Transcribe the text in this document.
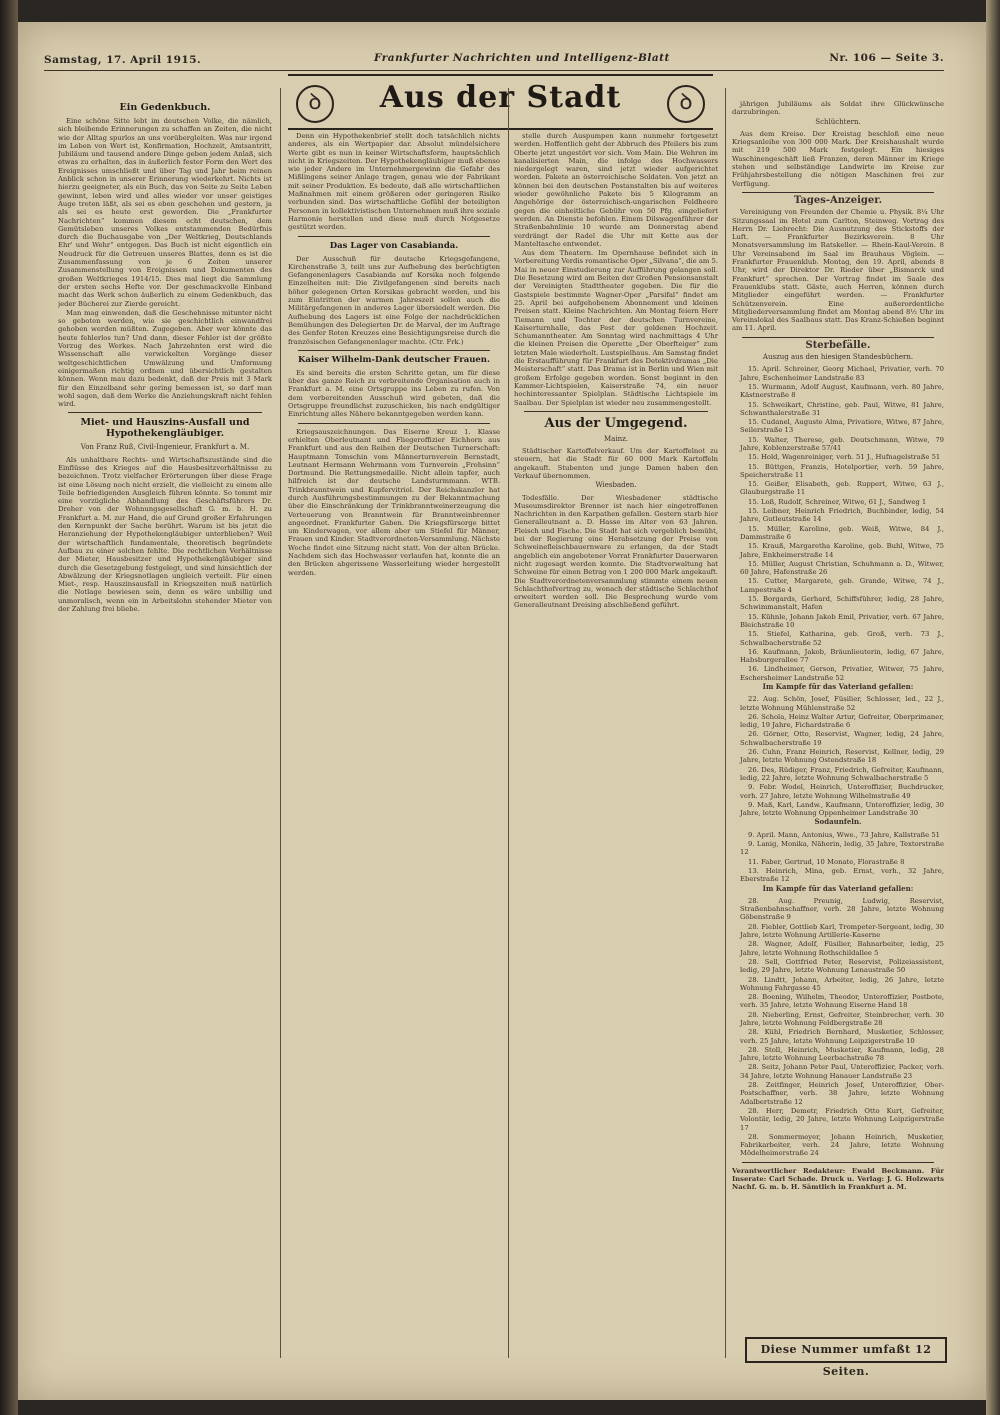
Samstag, 17. April 1915.	Frankfurter Nachrichten und Intelligenz-Blatt	Nr. 106 — Seite 3.
ꝺ	Aus der Stadt	ꝺ
Ein Gedenkbuch.

Eine schöne Sitte lebt im deutschen Volke, die nämlich, sich bleibende Erinnerungen zu schaffen an Zeiten, die nicht wie der Alltag spurlos an uns vorübergleiten. Was nur irgend im Leben von Wert ist, Konfirmation, Hochzeit, Amtsantritt, Jubiläum und tausend andere Dinge geben jedem Anlaß, sich etwas zu erhalten, das in äußerlich fester Form den Wert des Ereignisses umschließt und über Tag und Jahr beim reinen Anblick schon in unserer Erinnerung wiederkehrt. Nichts ist hierzu geeigneter, als ein Buch, das von Seite zu Seite Leben gewinnt, leben wird und alles wieder vor unser geistiges Auge treten läßt, als sei es eben geschehen und gestern, ja als sei es heute erst geworden. Die „Frankfurter Nachrichten“ kommen diesem echt deutschen, dem Gemütsleben unseres Volkes entstammenden Bedürfnis durch die Buchausgabe von „Der Weltkrieg, Deutschlands Ehr' und Wehr“ entgegen. Das Buch ist nicht eigentlich ein Neudruck für die Getreuen unseres Blattes, denn es ist die Zusammenfassung von je 6 Zeiten unserer Zusammenstellung von Ereignissen und Dokumenten des großen Weltkrieges 1914/15. Dies mal liegt die Sammlung der ersten sechs Hefte vor. Der geschmackvolle Einband macht das Werk schon äußerlich zu einem Gedenkbuch, das jeder Bücherei zur Zierde gereicht.

Man mag einwenden, daß die Geschehnisse mitunter nicht so geboten werden, wie sie geschichtlich einwandfrei gehoben werden müßten. Zugegeben. Aber wer könnte das heute fehlerlos tun? Und dann, dieser Fehler ist der größte Vorzug des Werkes. Nach Jahrzehnten erst wird die Wissenschaft alle verwickelten Vorgänge dieser weltgeschichtlichen Umwälzung und Umformung einigermaßen richtig ordnen und übersichtlich gestalten können. Wenn mau dazu bedenkt, daß der Preis mit 3 Mark für den Einzelband sehr gering bemessen ist, so darf man wohl sagen, daß dem Werke die Anziehungskraft nicht fehlen wird.

Miet- und Hauszins-Ausfall und Hypothekengläubiger.
Von Franz Ruß, Civil-Ingenieur, Frankfurt a. M.

Als unhaltbare Rechts- und Wirtschaftszustände sind die Einflüsse des Krieges auf die Hausbesitzverhältnisse zu bezeichnen. Trotz vielfacher Erörterungen über diese Frage ist eine Lösung noch nicht erzielt, die vielleicht zu einem alle Teile befriedigenden Ausgleich führen könnte. So tommt mir eine vorzügliche Abhandlung des Geschäftsführers Dr. Dreher von der Wohnungsgesellschaft G. m. b. H. zu Frankfurt a. M. zur Hand, die auf Grund großer Erfahrungen den Kernpunkt der Sache berührt. Warum ist bis jetzt die Heranziehung der Hypothekengläubiger unterblieben? Weil der wirtschaftlich fundamentale, theoretisch begründete Aufbau zu einer solchen fehlte. Die rechtlichen Verhältnisse der Mieter, Hausbesitzer und Hypothekengläubiger sind durch die Gesetzgebung festgelegt, und sind hinsichtlich der Abwälzung der Kriegsnotlagen ungleich verteilt. Für einen Miet-, resp. Hauszinsausfall in Kriegszeiten muß natürlich die Notlage bewiesen sein, denn es wäre unbillig und unmoralisch, wenn ein in Arbeitslohn stehender Mieter von der Zahlung frei bliebe.

Denn ein Hypothekenbrief stellt doch tatsächlich nichts anderes, als ein Wertpapier dar. Absolut mündelsichere Werte gibt es nun in keiner Wirtschaftsform, hauptsächlich nicht in Kriegszeiten. Der Hypothekengläubiger muß ebenso wie jeder Andere im Unternehmergewinn die Gefahr des Mißlingens seiner Anlage tragen, genau wie der Fabrikant mit seiner Produktion. Es bedeute, daß alle wirtschaftlichen Maßnahmen mit einem größeren oder geringeren Risiko verbunden sind. Das wirtschaftliche Gefühl der beteiligten Personen in kollektivistischen Unternehmen muß ihre soziale Harmonie herstellen und diese muß durch Notgesetze gestützt werden.

Das Lager von Casabianda.

Der Ausschuß für deutsche Kriegsgefangene, Kirchenstraße 3, teilt uns zur Aufhebung des berüchtigten Gefangenenlagers Casabianda auf Korsika noch folgende Einzelheiten mit: Die Zivilgefangenen sind bereits nach höher gelegenen Orten Korsikas gebracht worden, und bis zum Eintritten der warmen Jahreszeit sollen auch die Militärgefangenen in anderes Lager übersiedelt werden. Die Aufhebung des Lagers ist eine Folge der nachdrücklichen Bemühungen des Delegierten Dr. de Marval, der im Auftrage des Genfer Roten Kreuzes eine Besichtigungsreise durch die französischen Gefangenenlager machte. (Ctr. Frk.)

Kaiser Wilhelm-Dank deutscher Frauen.

Es sind bereits die ersten Schritte getan, um für diese über das ganze Reich zu verbreitende Organisation auch in Frankfurt a. M. eine Ortsgruppe ins Leben zu rufen. Von dem vorbereitenden Ausschuß wird gebeten, daß die Ortsgruppe freundlichst zuzuschicken, bis nach endgültiger Einrichtung alles Nähere bekanntgegeben werden kann.

Kriegsauszeichnungen. Das Eiserne Kreuz 1. Klasse erhielten Oberleutnant und Fliegeroffizier Eichhorn aus Frankfurt und aus den Reihen der Deutschen Turnerschaft: Hauptmann Tomschin vom Männerturnverein Bernstadt, Leutnant Hermann Wehrmann vom Turnverein „Frohsinn“ Dortmund. Die Rettungsmedaille. Nicht allein tapfer, auch hilfreich ist der deutsche Landsturmmann. WTB. Trinkbranntwein und Kupfervitriol. Der Reichskanzler hat durch Ausführungsbestimmungen zu der Bekanntmachung über die Einschränkung der Trinkbranntweinerzeugung die Verteuerung von Branntwein für Branntweinbrenner angeordnet. Frankfurter Gaben. Die Kriegsfürsorge bittet um Kinderwagen, vor allem aber um Stiefel für Männer, Frauen und Kinder. Stadtverordneten-Versammlung. Nächste Woche findet eine Sitzung nicht statt. Von der alten Brücke. Nachdem sich das Hochwasser verlaufen hat, konnte die an den Brücken abgerissene Wasserleitung wieder hergestellt werden.

stelle durch Auspumpen kann nunmehr fortgesetzt werden. Hoffentlich geht der Abbruch des Pfeilers bis zum Oberte jetzt ungestört vor sich. Vom Main. Die Wehren im kanalisierten Main, die infolge des Hochwassers niedergelegt waren, sind jetzt wieder aufgerichtet worden. Pakete an österreichische Soldaten. Von jetzt an können bei den deutschen Postanstalten bis auf weiteres wieder gewöhnliche Pakete bis 5 Kilogramm an Angehörige der österreichisch-ungarischen Feldheere gegen die einheitliche Gebühr von 50 Pfg. eingeliefert werden. An Dienste befohlen. Einem Dilswagenführer der Straßenbahnlinie 10 wurde am Donnerstag abend verdrängt der Radel die Uhr mit Kette aus der Manteltasche entwendet.

Aus dem Theatern. Im Opernhause befindet sich in Vorbereitung Verdis romantische Oper „Silvana“, die am 5. Mai in neuer Einstudierung zur Aufführung gelangen soll. Die Besetzung wird am Beiten der Großen Pensionsanstalt der Vereinigten Stadttheater gegeben. Die für die Gastspiele bestimmte Wagner-Oper „Parsifal“ findet am 25. April bei aufgehobenem Abonnement und kleinen Preisen statt. Kleine Nachrichten. Am Montag feiern Herr Tiemann und Tochter der deutschen Turnvereine, Kaiserturnhalle, das Fest der goldenen Hochzeit. Schumanntheater. Am Sonntag wird nachmittags 4 Uhr die kleinen Preisen die Operette „Der Oberfteiger“ zum letzten Male wiederholt. Lustspielhaus. Am Samstag findet die Erstaufführung für Frankfurt des Detektivdramas „Die Meisterschaft“ statt. Das Drama ist in Berlin und Wien mit großem Erfolge gegeben worden. Sonst beginnt in den Kammer-Lichtspielen, Kaiserstraße 74, ein neuer hochinteressanter Spielplan. Städtische Lichtspiele im Saalbau. Der Spielplan ist wieder neu zusammengestellt.

Aus der Umgegend.
Mainz.

Städtischer Kartoffelverkauf. Um der Kartoffelnot zu steuern, hat die Stadt für 60 000 Mark Kartoffeln angekauft. Stubenten und junge Damen haben den Verkauf übernommen.

Wiesbaden.

Todesfälle. Der Wiesbadener städtische Museumsdirektor Brenner ist nach hier eingetroffenen Nachrichten in den Karpathen gefallen. Gestern starb hier Generalleutnant a. D. Hasse im Alter von 63 Jahren. Fleisch und Fische. Die Stadt hat sich vergeblich bemüht, bei der Regierung eine Herabsetzung der Preise von Schweinefleischbauernware zu erlangen, da der Stadt angeblich ein angebotener Vorrat Frankfurter Dauerwaren nicht zugesagt werden konnte. Die Stadtverwaltung hat Schweine für einen Betrag von 1 200 000 Mark angekauft. Die Stadtverordnetenversammlung stimmte einem neuen Schlachthofvertrag zu, wonach der städtische Schlachthof erweitert werden soll. Die Besprechung wurde vom Generalleutnant Dreising abschließend geführt.

jährigen Jubiläums als Soldat ihre Glückwünsche darzubringen.

Schlüchtern.

Aus dem Kreise. Der Kreistag beschloß eine neue Kriegsanleihe von 300 000 Mark. Der Kreishaushalt wurde mit 219 500 Mark festgelegt. Ein hiesiges Waschinengeschäft ließ Franzen, deren Männer im Kriege stehen und selbständige Landwirte im Kreise zur Frühjahrsbestellung die nötigen Maschinen frei zur Verfügung.

Tages-Anzeiger.

Vereinigung von Freunden der Chemie u. Physik. 8¼ Uhr Sitzungssaal im Hotel zum Carlton, Steinweg. Vortrag des Herrn Dr. Liebrecht: Die Ausnutzung des Stickstoffs der Luft. — Frankfurter Bezirksverein. 8 Uhr Monatsversammlung im Ratskeller. — Rhein-Kaul-Verein. 8 Uhr Vereinsabend im Saal im Brauhaus Vöglein. — Frankfurter Frauenklub. Montag, den 19. April, abends 8 Uhr, wird der Direktor Dr. Rieder über „Bismarck und Frankfurt“ sprechen. Der Vortrag findet im Saale des Frauenklubs statt. Gäste, auch Herren, können durch Mitglieder eingeführt werden. — Frankfurter Schützenverein. Eine außerordentliche Mitgliederversammlung findet am Montag abend 8½ Uhr im Vereinslokal des Saalbaus statt. Das Kranz-Schießen beginnt am 11. April.

Sterbefälle.
Auszug aus den hiesigen Standesbüchern.

15. April. Schreiner, Georg Michael, Privatier, verh. 70 Jahre, Eschenheimer Landstraße 83

15. Wurmann, Adolf August, Kaufmann, verh. 80 Jahre, Kästnerstraße 8

15. Schweikart, Christine, geb. Paul, Witwe, 81 Jahre, Schwanthalerstraße 31

15. Cudanel, Auguste Alma, Privatiere, Witwe, 87 Jahre, Seilerstraße 13

15. Walter, Therese, geb. Deutschmann, Witwe, 79 Jahre, Koblenzerstraße 57/41

15. Hold, Wagenreiniger, verh. 51 J., Hufnagelstraße 51

15. Büttgen, Franzis, Hotelportier, verh. 59 Jahre, Speicherstraße 11

15. Geißer, Elisabeth, geb. Ruppert, Witwe, 63 J., Glauburgstraße 11

15. Loß, Rudolf, Schreiner, Witwe, 61 J., Sandweg 1

15. Leibner, Heinrich Friedrich, Buchbinder, ledig, 54 Jahre, Gutleutstraße 14

15. Müller, Karoline, geb. Weiß, Witwe, 84 J., Dammstraße 6

15. Krauß, Margaretha Karoline, geb. Buhl, Witwe, 75 Jahre, Enkheimerstraße 14

15. Müller, August Christian, Schuhmann a. D., Witwer, 60 Jahre, Hafenstraße 26

15. Cutter, Margarete, geb. Grande, Witwe, 74 J., Lampestraße 4

15. Borgards, Gerhard, Schiffsführer, ledig, 28 Jahre, Schwimmanstalt, Hafen

15. Kühnle, Johann Jakob Emil, Privatier, verh. 67 Jahre, Bleichstraße 10

15. Stiefel, Katharina, geb. Groß, verh. 73 J., Schwalbacherstraße 52

16. Kaufmann, Jakob, Bräunlieuterin, ledig, 67 Jahre, Habsburgerallee 77

16. Lindheimer, Gerson, Privatier, Witwer, 75 Jahre, Eschersheimer Landstraße 52

Im Kampfe für das Vaterland gefallen:

22. Aug. Schön, Josef, Füsilier, Schlosser, led., 22 J., letzte Wohnung Mühlenstraße 52

26. Schola, Heinz Walter Artur, Gefreiter, Oberprimaner, ledig, 19 Jahre, Fichardstraße 6

26. Görner, Otto, Reservist, Wagner, ledig, 24 Jahre, Schwalbacherstraße 19

26. Cuhn, Franz Heinrich, Reservist, Kellner, ledig, 29 Jahre, letzte Wohnung Ostendstraße 18

26. Des, Rüdiger, Franz, Friedrich, Gefreiter, Kaufmann, ledig, 22 Jahre, letzte Wohnung Schwalbacherstraße 5

9. Febr. Wodel, Heinrich, Unteroffizier, Buchdrucker, verh. 27 Jahre, letzte Wohnung Wilhelmstraße 49

9. Maß, Karl, Landw., Kaufmann, Unteroffizier, ledig, 30 Jahre, letzte Wohnung Oppenheimer Landstraße 30

Sodaunfeln.

9. April. Mann, Antonius, Wwe., 73 Jahre, Kallstraße 51

9. Lanig, Monika, Näherin, ledig, 35 Jahre, Textorstraße 12

11. Faber, Gertrud, 10 Monate, Florastraße 8

13. Heinrich, Mina, geb. Ernst, verh., 32 Jahre, Eberstraße 12

Im Kampfe für das Vaterland gefallen:

28. Aug. Preunig, Ludwig, Reservist, Straßenbahnschaffner, verh. 28 Jahre, letzte Wohnung Göbenstraße 9

28. Fiebler, Gottlieb Karl, Trompeter-Sergeant, ledig, 30 Jahre, letzte Wohnung Artillerie-Kaserne

28. Wagner, Adolf, Füsilier, Bahnarbeiter, ledig, 25 Jahre, letzte Wohnung Rothschildallee 5

28. Sell, Gottfried Peter, Reservist, Polizeiassistent, ledig, 29 Jahre, letzte Wohnung Lenaustraße 50

28. Lindtt, Johann, Arbeiter, ledig, 26 Jahre, letzte Wohnung Fahrgasse 45

28. Boening, Wilhelm, Theodor, Unteroffizier, Postbote, verh. 35 Jahre, letzte Wohnung Eiserne Hand 18

28. Nieberling, Ernst, Gefreiter, Steinbrecher, verh. 30 Jahre, letzte Wohnung Feldbergstraße 28

28. Kühl, Friedrich Bernhard, Musketier, Schlosser, verh. 25 Jahre, letzte Wohnung Leipzigerstraße 10

28. Stoll, Heinrich, Musketier, Kaufmann, ledig, 28 Jahre, letzte Wohnung Leerbachstraße 78

28. Seitz, Johann Peter Paul, Unteroffizier, Packer, verh. 34 Jahre, letzte Wohnung Hanauer Landstraße 23

28. Zeitfinger, Heinrich Josef, Unteroffizier, Ober-Postschaffner, verh. 38 Jahre, letzte Wohnung Adalbertstraße 12

28. Herr, Demetr, Friedrich Otto Kurt, Gefreiter, Volontär, ledig, 20 Jahre, letzte Wohnung Leipzigerstraße 17

28. Sommermeyer, Johann Heinrich, Musketier, Fabrikarbeiter, verh. 24 Jahre, letzte Wohnung Mödelheimerstraße 24

Verantwortlicher Redakteur: Ewald Beckmann. Für Inserate: Carl Schade. Druck u. Verlag: J. G. Holzwarts Nachf. G. m. b. H. Sämtlich in Frankfurt a. M.

Diese Nummer umfaßt 12 Seiten.
